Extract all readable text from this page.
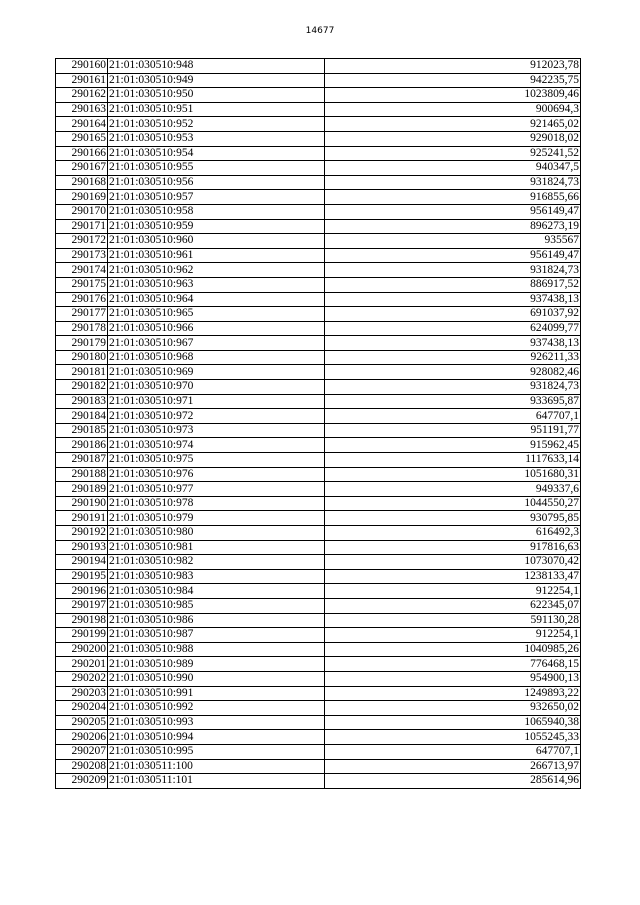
14677
290160	21:01:030510:948	912023,78
290161	21:01:030510:949	942235,75
290162	21:01:030510:950	1023809,46
290163	21:01:030510:951	900694,3
290164	21:01:030510:952	921465,02
290165	21:01:030510:953	929018,02
290166	21:01:030510:954	925241,52
290167	21:01:030510:955	940347,5
290168	21:01:030510:956	931824,73
290169	21:01:030510:957	916855,66
290170	21:01:030510:958	956149,47
290171	21:01:030510:959	896273,19
290172	21:01:030510:960	935567
290173	21:01:030510:961	956149,47
290174	21:01:030510:962	931824,73
290175	21:01:030510:963	886917,52
290176	21:01:030510:964	937438,13
290177	21:01:030510:965	691037,92
290178	21:01:030510:966	624099,77
290179	21:01:030510:967	937438,13
290180	21:01:030510:968	926211,33
290181	21:01:030510:969	928082,46
290182	21:01:030510:970	931824,73
290183	21:01:030510:971	933695,87
290184	21:01:030510:972	647707,1
290185	21:01:030510:973	951191,77
290186	21:01:030510:974	915962,45
290187	21:01:030510:975	1117633,14
290188	21:01:030510:976	1051680,31
290189	21:01:030510:977	949337,6
290190	21:01:030510:978	1044550,27
290191	21:01:030510:979	930795,85
290192	21:01:030510:980	616492,3
290193	21:01:030510:981	917816,63
290194	21:01:030510:982	1073070,42
290195	21:01:030510:983	1238133,47
290196	21:01:030510:984	912254,1
290197	21:01:030510:985	622345,07
290198	21:01:030510:986	591130,28
290199	21:01:030510:987	912254,1
290200	21:01:030510:988	1040985,26
290201	21:01:030510:989	776468,15
290202	21:01:030510:990	954900,13
290203	21:01:030510:991	1249893,22
290204	21:01:030510:992	932650,02
290205	21:01:030510:993	1065940,38
290206	21:01:030510:994	1055245,33
290207	21:01:030510:995	647707,1
290208	21:01:030511:100	266713,97
290209	21:01:030511:101	285614,96
